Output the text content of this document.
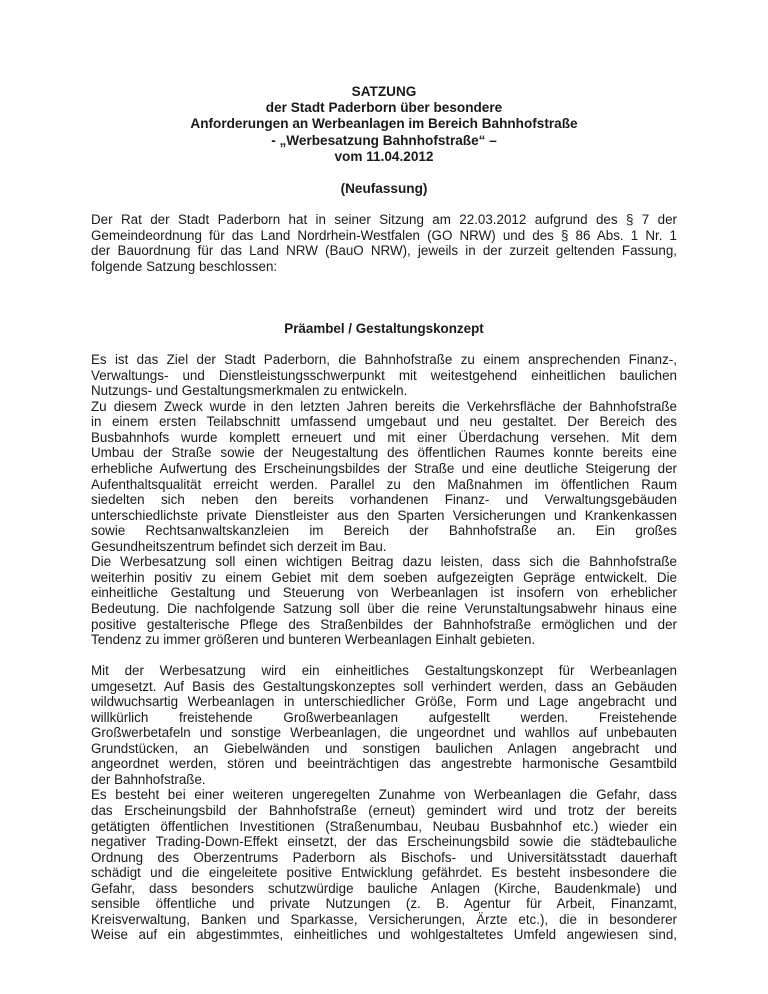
SATZUNG
der Stadt Paderborn über besondere
Anforderungen an Werbeanlagen im Bereich Bahnhofstraße
- „Werbesatzung Bahnhofstraße“ –
vom 11.04.2012
(Neufassung)
Der Rat der Stadt Paderborn hat in seiner Sitzung am 22.03.2012 aufgrund des § 7 der
Gemeindeordnung für das Land Nordrhein-Westfalen (GO NRW) und des § 86 Abs. 1 Nr. 1
der Bauordnung für das Land NRW (BauO NRW), jeweils in der zurzeit geltenden Fassung,
folgende Satzung beschlossen:
Präambel / Gestaltungskonzept
Es ist das Ziel der Stadt Paderborn, die Bahnhofstraße zu einem ansprechenden Finanz-,
Verwaltungs- und Dienstleistungsschwerpunkt mit weitestgehend einheitlichen baulichen
Nutzungs- und Gestaltungsmerkmalen zu entwickeln.
Zu diesem Zweck wurde in den letzten Jahren bereits die Verkehrsfläche der Bahnhofstraße
in einem ersten Teilabschnitt umfassend umgebaut und neu gestaltet. Der Bereich des
Busbahnhofs wurde komplett erneuert und mit einer Überdachung versehen. Mit dem
Umbau der Straße sowie der Neugestaltung des öffentlichen Raumes konnte bereits eine
erhebliche Aufwertung des Erscheinungsbildes der Straße und eine deutliche Steigerung der
Aufenthaltsqualität erreicht werden. Parallel zu den Maßnahmen im öffentlichen Raum
siedelten sich neben den bereits vorhandenen Finanz- und Verwaltungsgebäuden
unterschiedlichste private Dienstleister aus den Sparten Versicherungen und Krankenkassen
sowie Rechtsanwaltskanzleien im Bereich der Bahnhofstraße an. Ein großes
Gesundheitszentrum befindet sich derzeit im Bau.
Die Werbesatzung soll einen wichtigen Beitrag dazu leisten, dass sich die Bahnhofstraße
weiterhin positiv zu einem Gebiet mit dem soeben aufgezeigten Gepräge entwickelt. Die
einheitliche Gestaltung und Steuerung von Werbeanlagen ist insofern von erheblicher
Bedeutung. Die nachfolgende Satzung soll über die reine Verunstaltungsabwehr hinaus eine
positive gestalterische Pflege des Straßenbildes der Bahnhofstraße ermöglichen und der
Tendenz zu immer größeren und bunteren Werbeanlagen Einhalt gebieten.
Mit der Werbesatzung wird ein einheitliches Gestaltungskonzept für Werbeanlagen
umgesetzt. Auf Basis des Gestaltungskonzeptes soll verhindert werden, dass an Gebäuden
wildwuchsartig Werbeanlagen in unterschiedlicher Größe, Form und Lage angebracht und
willkürlich freistehende Großwerbeanlagen aufgestellt werden. Freistehende
Großwerbetafeln und sonstige Werbeanlagen, die ungeordnet und wahllos auf unbebauten
Grundstücken, an Giebelwänden und sonstigen baulichen Anlagen angebracht und
angeordnet werden, stören und beeinträchtigen das angestrebte harmonische Gesamtbild
der Bahnhofstraße.
Es besteht bei einer weiteren ungeregelten Zunahme von Werbeanlagen die Gefahr, dass
das Erscheinungsbild der Bahnhofstraße (erneut) gemindert wird und trotz der bereits
getätigten öffentlichen Investitionen (Straßenumbau, Neubau Busbahnhof etc.) wieder ein
negativer Trading-Down-Effekt einsetzt, der das Erscheinungsbild sowie die städtebauliche
Ordnung des Oberzentrums Paderborn als Bischofs- und Universitätsstadt dauerhaft
schädigt und die eingeleitete positive Entwicklung gefährdet. Es besteht insbesondere die
Gefahr, dass besonders schutzwürdige bauliche Anlagen (Kirche, Baudenkmale) und
sensible öffentliche und private Nutzungen (z. B. Agentur für Arbeit, Finanzamt,
Kreisverwaltung, Banken und Sparkasse, Versicherungen, Ärzte etc.), die in besonderer
Weise auf ein abgestimmtes, einheitliches und wohlgestaltetes Umfeld angewiesen sind,
